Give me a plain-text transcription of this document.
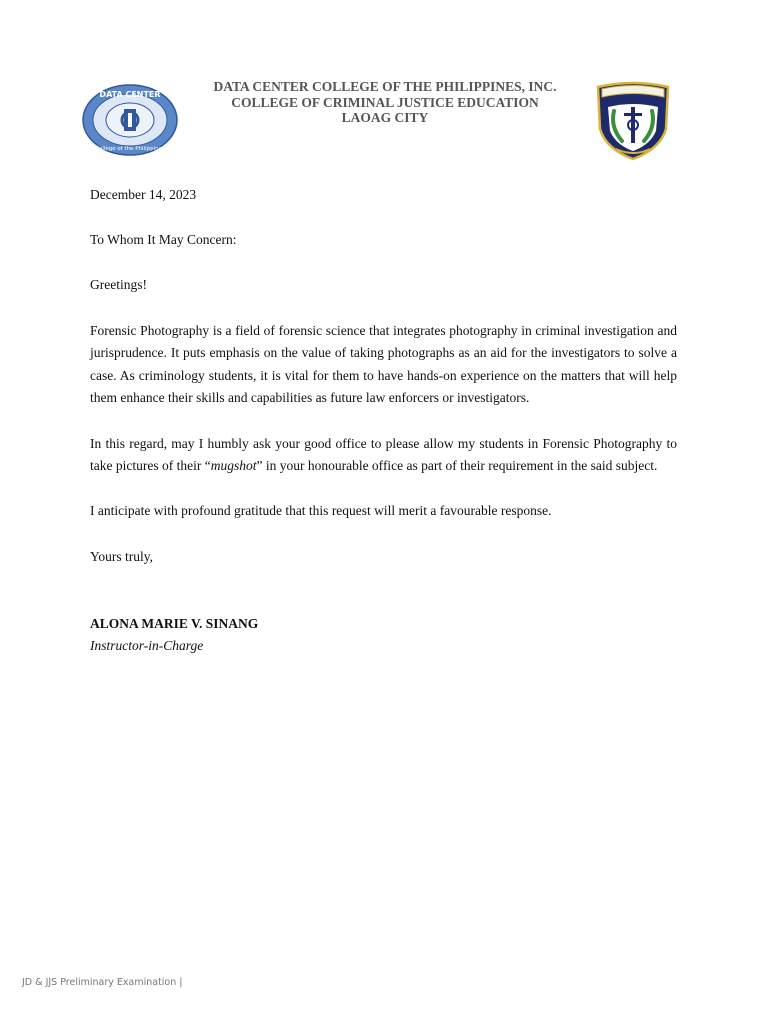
DATA CENTER
College of the Philippines
DATA CENTER COLLEGE OF THE PHILIPPINES, INC.
COLLEGE OF CRIMINAL JUSTICE EDUCATION
LAOAG CITY

December 14, 2023

To Whom It May Concern:

Greetings!

Forensic Photography is a field of forensic science that integrates photography in criminal investigation and jurisprudence. It puts emphasis on the value of taking photographs as an aid for the investigators to solve a case. As criminology students, it is vital for them to have hands-on experience on the matters that will help them enhance their skills and capabilities as future law enforcers or investigators.

In this regard, may I humbly ask your good office to please allow my students in Forensic Photography to take pictures of their “mugshot” in your honourable office as part of their requirement in the said subject.

I anticipate with profound gratitude that this request will merit a favourable response.

Yours truly,

ALONA MARIE V. SINANG

Instructor-in-Charge

JD & JJS Preliminary Examination |
